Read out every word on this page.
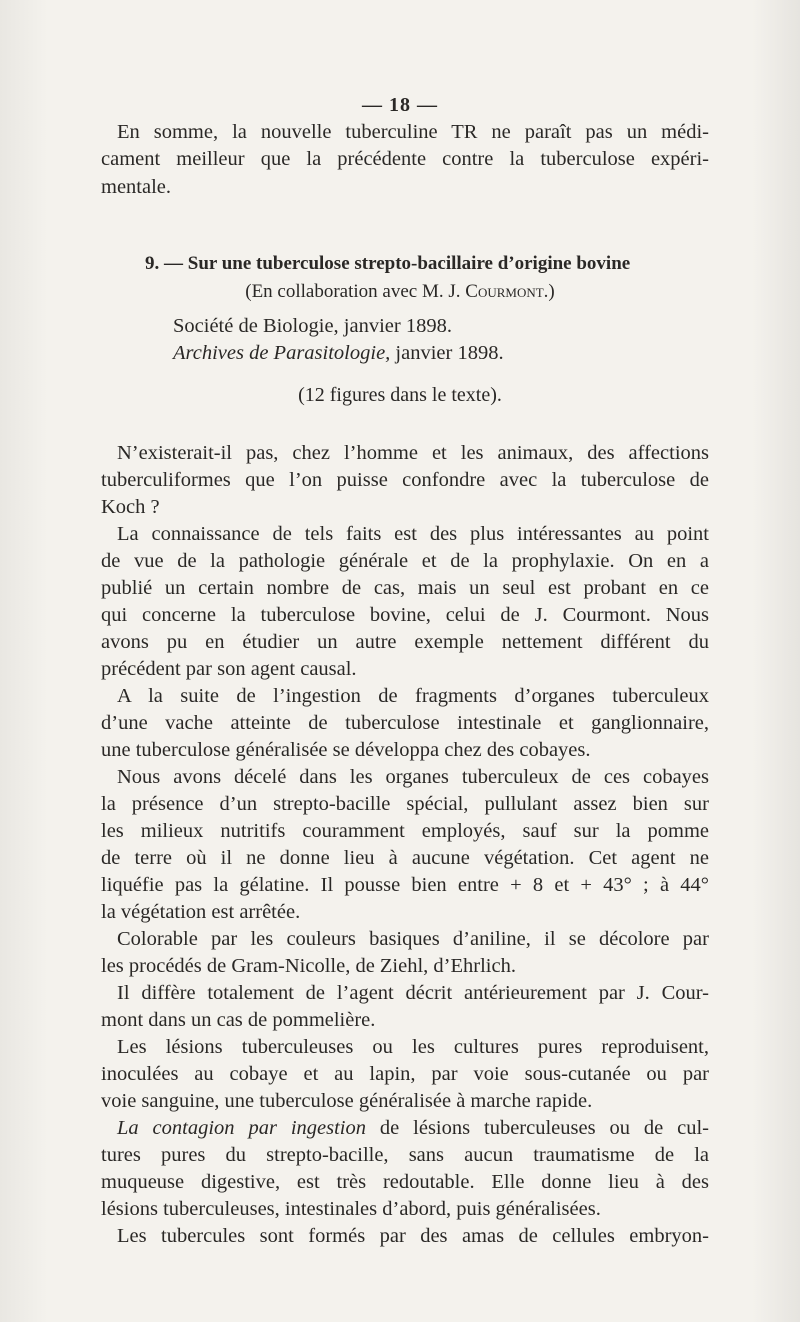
— 18 —

En somme, la nouvelle tuberculine TR ne paraît pas un médi-

cament meilleur que la précédente contre la tuberculose expéri-

mentale.

9. — Sur une tuberculose strepto-bacillaire d’origine bovine
(En collaboration avec M. J. Courmont.)
Société de Biologie, janvier 1898.
Archives de Parasitologie, janvier 1898.
(12 figures dans le texte).

N’existerait-il pas, chez l’homme et les animaux, des affections

tuberculiformes que l’on puisse confondre avec la tuberculose de

Koch ?

La connaissance de tels faits est des plus intéressantes au point

de vue de la pathologie générale et de la prophylaxie. On en a

publié un certain nombre de cas, mais un seul est probant en ce

qui concerne la tuberculose bovine, celui de J. Courmont. Nous

avons pu en étudier un autre exemple nettement différent du

précédent par son agent causal.

A la suite de l’ingestion de fragments d’organes tuberculeux

d’une vache atteinte de tuberculose intestinale et ganglionnaire,

une tuberculose généralisée se développa chez des cobayes.

Nous avons décelé dans les organes tuberculeux de ces cobayes

la présence d’un strepto-bacille spécial, pullulant assez bien sur

les milieux nutritifs couramment employés, sauf sur la pomme

de terre où il ne donne lieu à aucune végétation. Cet agent ne

liquéfie pas la gélatine. Il pousse bien entre + 8 et + 43° ; à 44°

la végétation est arrêtée.

Colorable par les couleurs basiques d’aniline, il se décolore par

les procédés de Gram-Nicolle, de Ziehl, d’Ehrlich.

Il diffère totalement de l’agent décrit antérieurement par J. Cour-

mont dans un cas de pommelière.

Les lésions tuberculeuses ou les cultures pures reproduisent,

inoculées au cobaye et au lapin, par voie sous-cutanée ou par

voie sanguine, une tuberculose généralisée à marche rapide.

La contagion par ingestion de lésions tuberculeuses ou de cul-

tures pures du strepto-bacille, sans aucun traumatisme de la

muqueuse digestive, est très redoutable. Elle donne lieu à des

lésions tuberculeuses, intestinales d’abord, puis généralisées.

Les tubercules sont formés par des amas de cellules embryon-
